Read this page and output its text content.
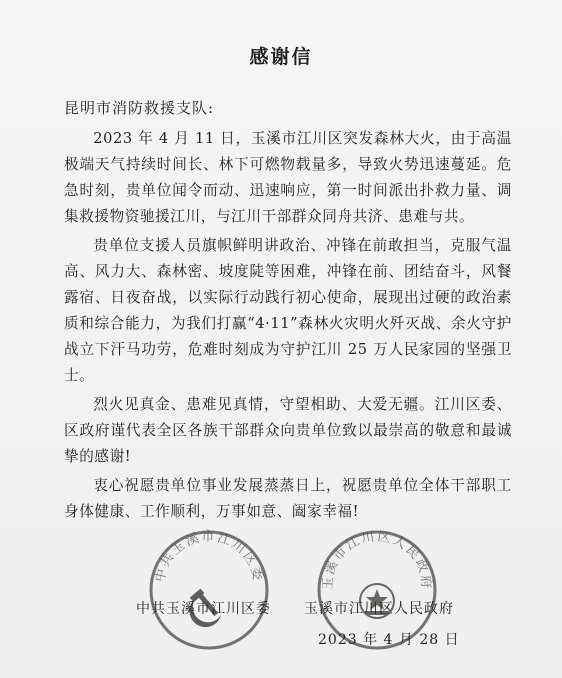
感谢信
昆明市消防救援支队:

2023 年 4 月 11 日，玉溪市江川区突发森林大火，由于高温极端天气持续时间长、林下可燃物载量多，导致火势迅速蔓延。危急时刻，贵单位闻令而动、迅速响应，第一时间派出扑救力量、调集救援物资驰援江川，与江川干部群众同舟共济、患难与共。

贵单位支援人员旗帜鲜明讲政治、冲锋在前敢担当，克服气温高、风力大、森林密、坡度陡等困难，冲锋在前、团结奋斗，风餐露宿、日夜奋战，以实际行动践行初心使命，展现出过硬的政治素质和综合能力，为我们打赢“4·11”森林火灾明火歼灭战、余火守护战立下汗马功劳，危难时刻成为守护江川 25 万人民家园的坚强卫士。

烈火见真金、患难见真情，守望相助、大爱无疆。江川区委、区政府谨代表全区各族干部群众向贵单位致以最崇高的敬意和最诚挚的感谢!

衷心祝愿贵单位事业发展蒸蒸日上，祝愿贵单位全体干部职工身体健康、工作顺利，万事如意、阖家幸福!

中共玉溪市江川区委	玉溪市江川区人民政府
中共玉溪市江川区委 玉溪市江川区人民政府
2023 年 4 月 28 日
